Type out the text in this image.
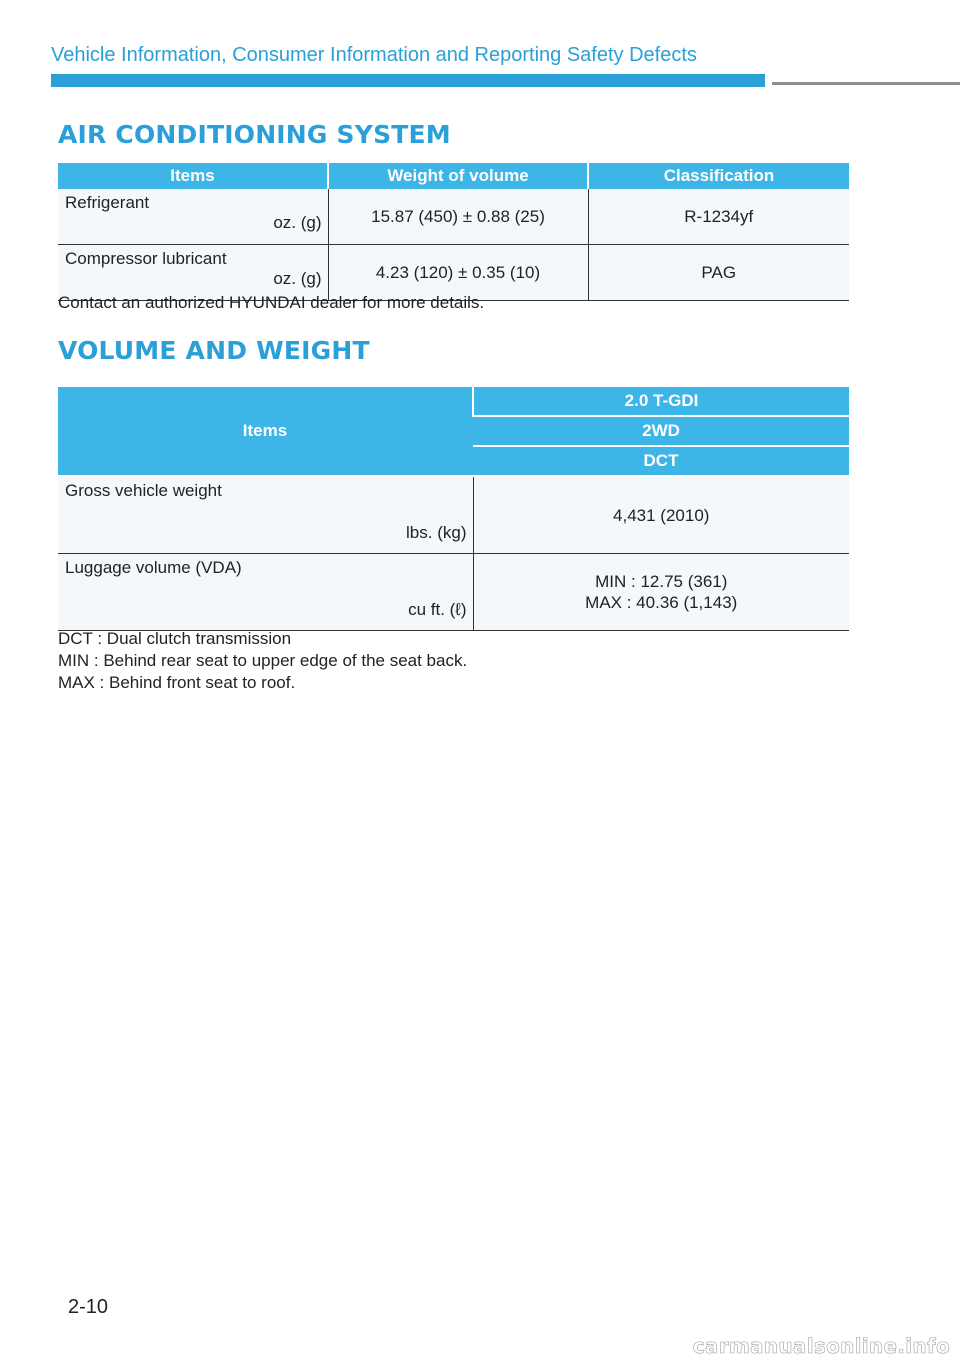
Vehicle Information, Consumer Information and Reporting Safety Defects
AIR CONDITIONING SYSTEM
Items	Weight of volume	Classification

Refrigerant
oz. (g)	15.87 (450) ± 0.88 (25)	R-1234yf

Compressor lubricant
oz. (g)	4.23 (120) ± 0.35 (10)	PAG

Contact an authorized HYUNDAI dealer for more details.

VOLUME AND WEIGHT
Items	2.0 T-GDI
	2WD
	DCT

Gross vehicle weight
lbs. (kg)	4,431 (2010)

Luggage volume (VDA)
cu ft. (ℓ)	MIN : 12.75 (361)
MAX : 40.36 (1,143)
DCT : Dual clutch transmission
MIN : Behind rear seat to upper edge of the seat back.
MAX : Behind front seat to roof.
2-10
carmanualsonline.info
